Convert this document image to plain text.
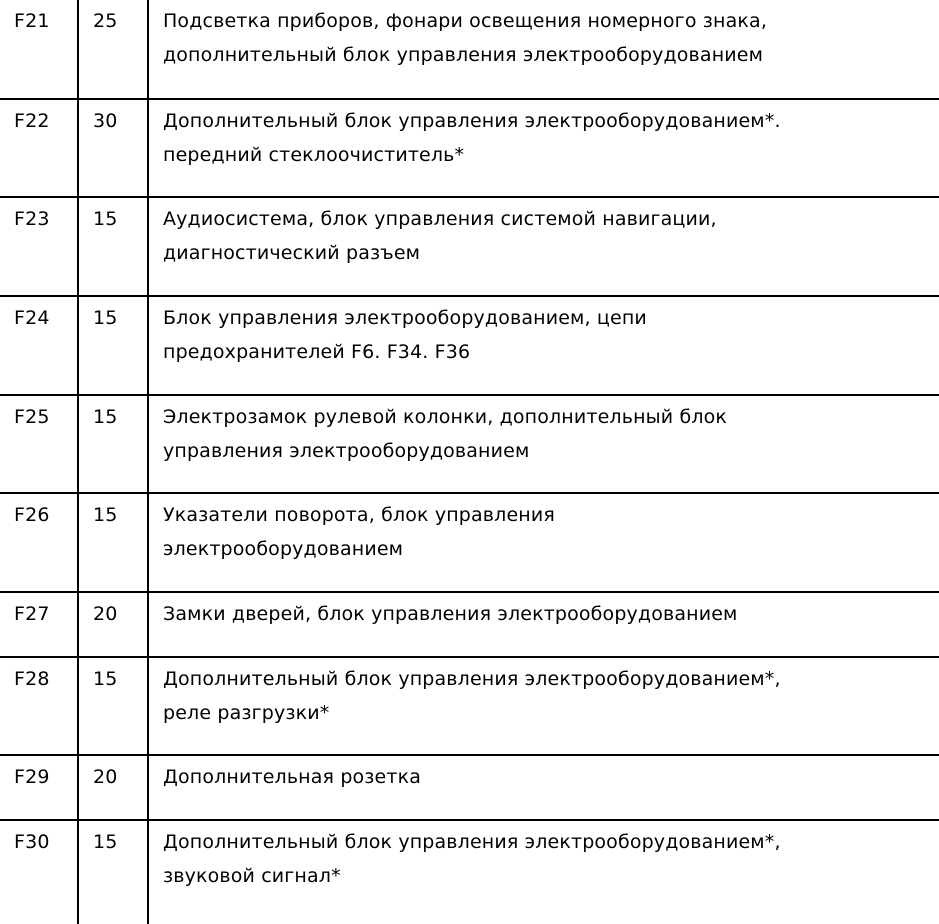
F21	25	Подсветка приборов, фонари освещения номерного знака,
дополнительный блок управления электрооборудованием

F22	30	Дополнительный блок управления электрооборудованием*.
передний стеклоочиститель*

F23	15	Аудиосистема, блок управления системой навигации,
диагностический разъем

F24	15	Блок управления электрооборудованием, цепи
предохранителей F6. F34. F36

F25	15	Электрозамок рулевой колонки, дополнительный блок
управления электрооборудованием

F26	15	Указатели поворота, блок управления
электрооборудованием

F27	20	Замки дверей, блок управления электрооборудованием

F28	15	Дополнительный блок управления электрооборудованием*,
реле разгрузки*

F29	20	Дополнительная розетка

F30	15	Дополнительный блок управления электрооборудованием*,
звуковой сигнал*
